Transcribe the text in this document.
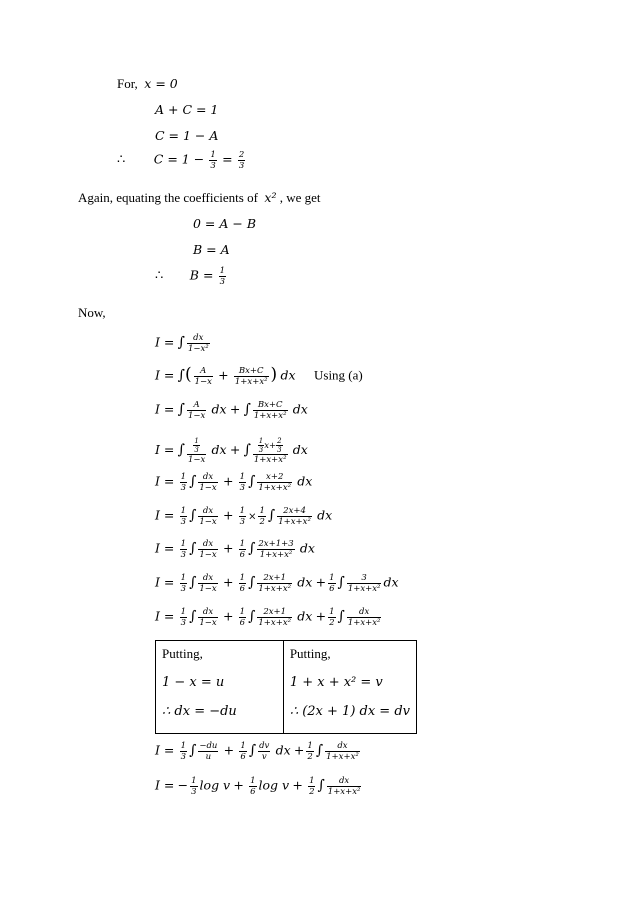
For, x = 0
A + C = 1
C = 1 − A
∴ $C = 1 - \frac{1}{3} = \frac{2}{3}$
Again, equating the coefficients of x² , we get
0 = A − B
B = A
∴ $B = \frac{1}{3}$
Now,
I = ∫ $\frac{dx}{\text{1−x²}}$
I = ∫( $\frac{A}{1-x} + \frac{Bx+C}{\text{1+x+x²}}$ ) dx Using (a)
I = ∫ $\frac{A}{1-x}$ dx + ∫ $\frac{Bx+C}{\text{1+x+x²}}$ dx
I = ∫ $\frac{\frac{1}{3}}{1-x}$ dx + ∫ $\frac{\frac{1}{3} x+ \frac{2}{3}}{\text{1+x+x²}}$ dx
$I = \frac{1}{3}$ ∫ $\frac{dx}{1-x} + \frac{1}{3}$ ∫ $\frac{x+2}{\text{1+x+x²}}$ dx
$I = \frac{1}{3}$ ∫ $\frac{dx}{1-x} + \frac{1}{3} \times \frac{1}{2}$ ∫ $\frac{2x+4}{\text{1+x+x²}}$ dx
$I = \frac{1}{3}$ ∫ $\frac{dx}{1-x} + \frac{1}{6}$ ∫ $\frac{2x+1+3}{\text{1+x+x²}}$ dx
$I = \frac{1}{3}$ ∫ $\frac{dx}{1-x} + \frac{1}{6}$ ∫ $\frac{2x+1}{\text{1+x+x²}}$ dx + $\frac{1}{6}$ ∫ $\frac{3}{\text{1+x+x²}}$ dx
$I = \frac{1}{3}$ ∫ $\frac{dx}{1-x} + \frac{1}{6}$ ∫ $\frac{2x+1}{\text{1+x+x²}}$ dx + $\frac{1}{2}$ ∫ $\frac{dx}{\text{1+x+x²}}$
Putting,
1 − x = u
∴ dx = −du

Putting,
1 + x + x² = v
∴ (2x + 1) dx = dv
$I = \frac{1}{3}$ ∫ $\frac{-du}{u} + \frac{1}{6}$ ∫ $\frac{dv}{v}$ dx + $\frac{1}{2}$ ∫ $\frac{dx}{\text{1+x+x²}}$
I = − $\frac{1}{3}$ $\log v + \frac{1}{6}$ $\log v + \frac{1}{2}$ ∫ $\frac{dx}{\text{1+x+x²}}$
